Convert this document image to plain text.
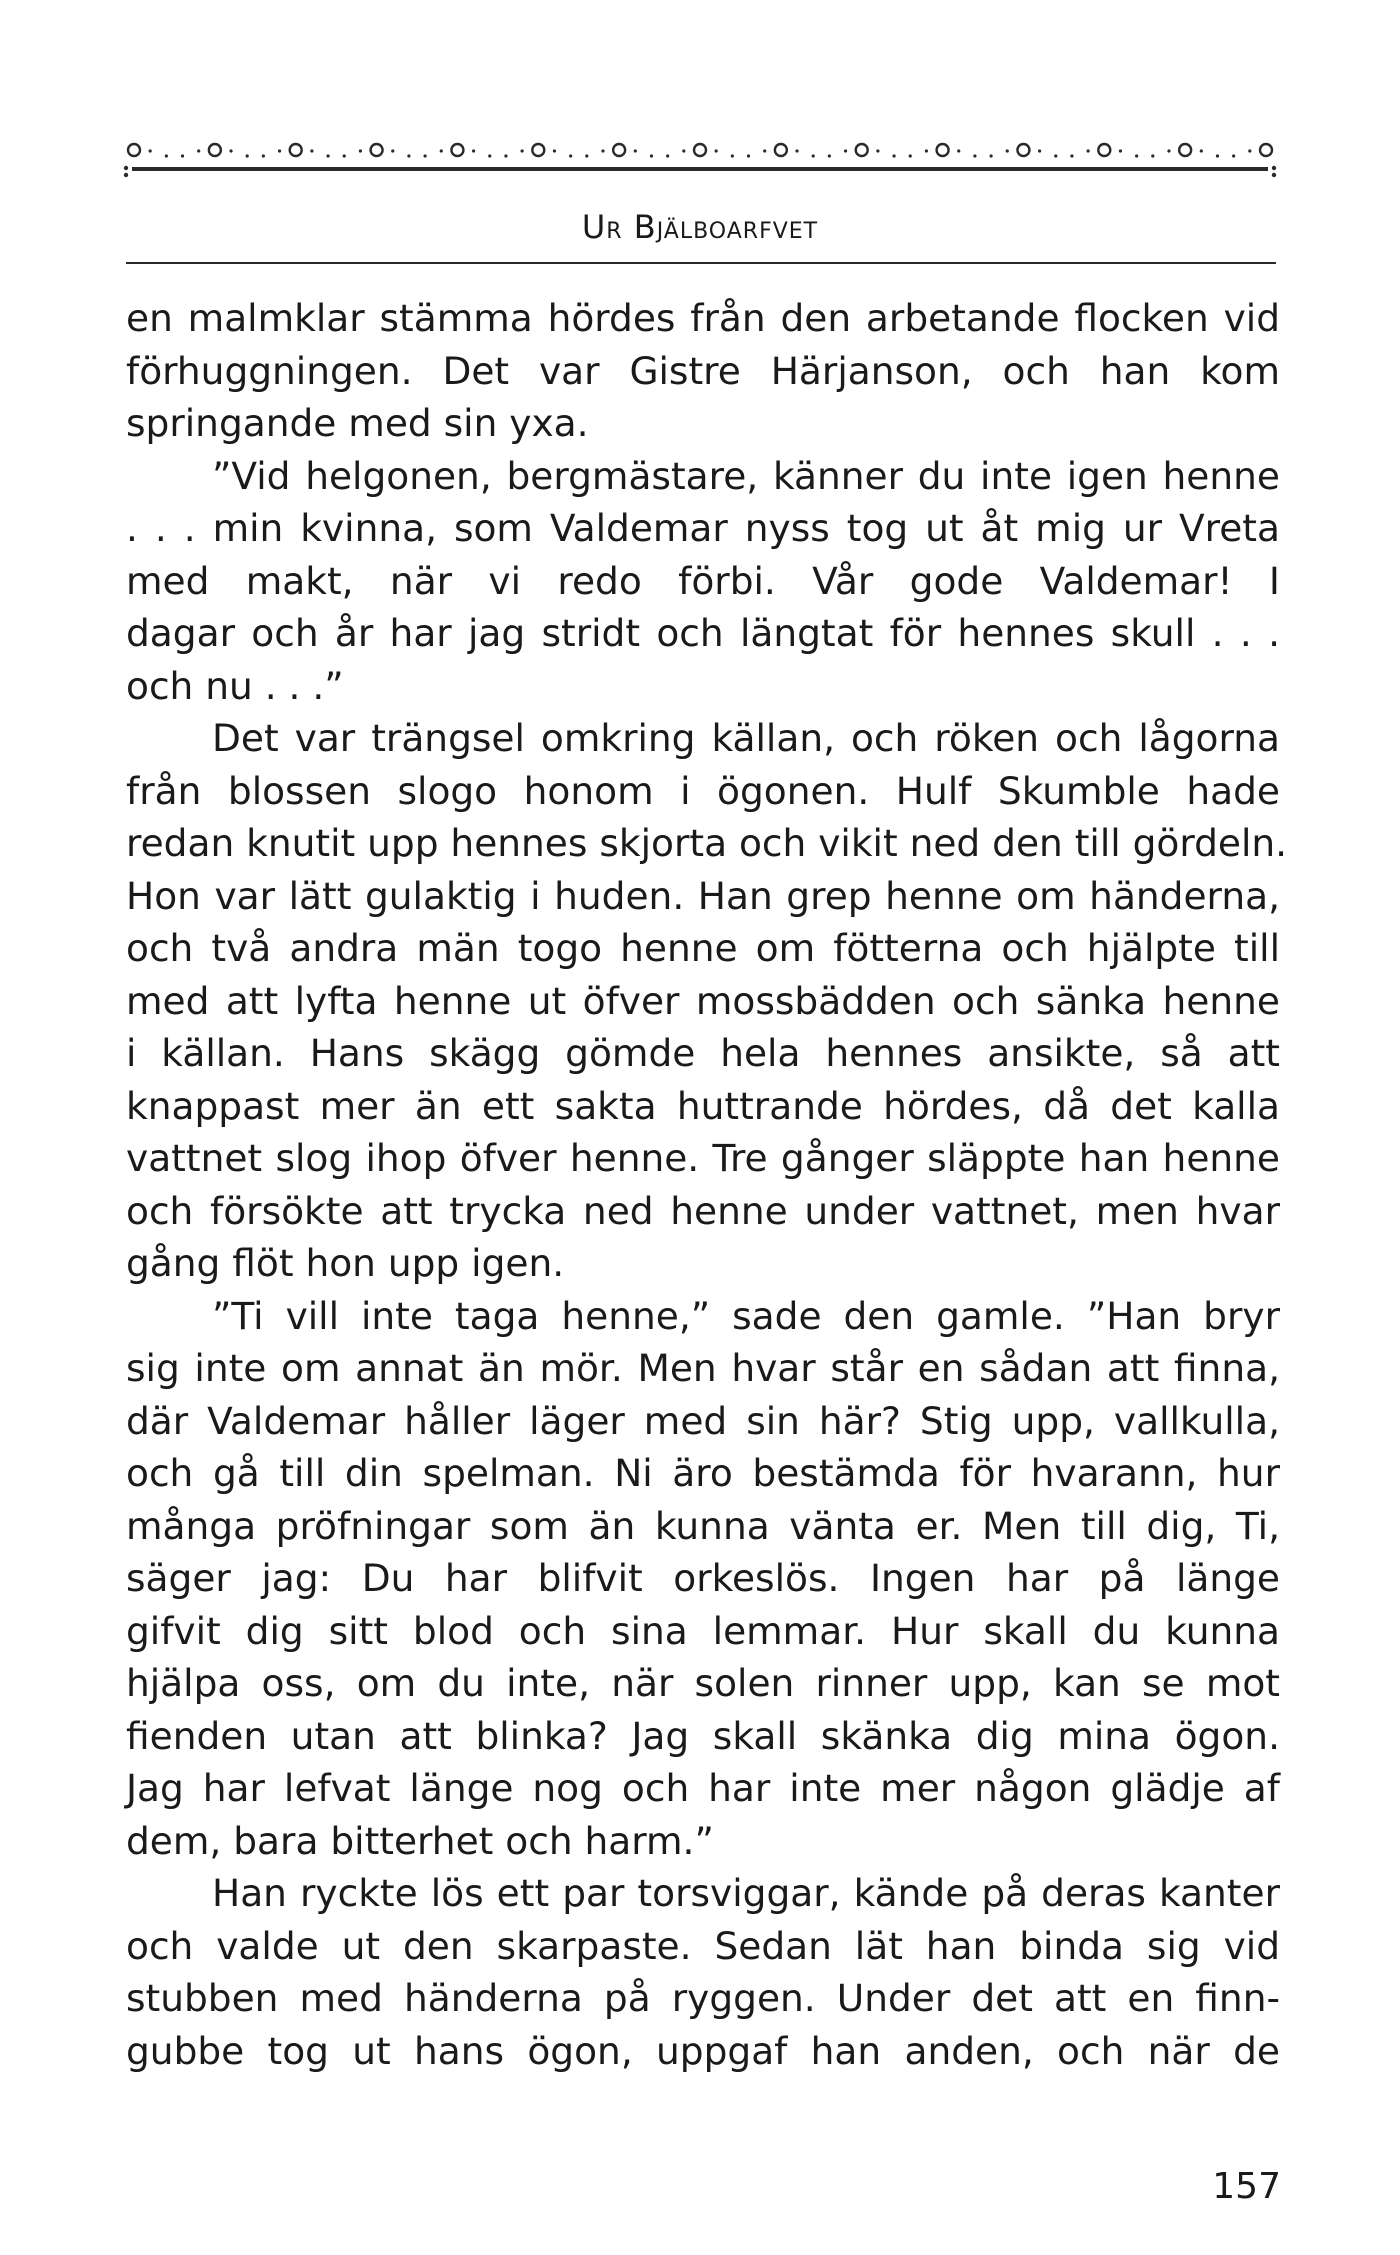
Ur Bjälboarfvet
en malmklar stämma hördes från den arbetande flocken vid
förhuggningen. Det var Gistre Härjanson, och han kom
springande med sin yxa.
”Vid helgonen, bergmästare, känner du inte igen henne
. . . min kvinna, som Valdemar nyss tog ut åt mig ur Vreta
med makt, när vi redo förbi. Vår gode Valdemar! I
dagar och år har jag stridt och längtat för hennes skull . . .
och nu . . .”
Det var trängsel omkring källan, och röken och lågorna
från blossen slogo honom i ögonen. Hulf Skumble hade
redan knutit upp hennes skjorta och vikit ned den till gördeln.
Hon var lätt gulaktig i huden. Han grep henne om händerna,
och två andra män togo henne om fötterna och hjälpte till
med att lyfta henne ut öfver mossbädden och sänka henne
i källan. Hans skägg gömde hela hennes ansikte, så att
knappast mer än ett sakta huttrande hördes, då det kalla
vattnet slog ihop öfver henne. Tre gånger släppte han henne
och försökte att trycka ned henne under vattnet, men hvar
gång flöt hon upp igen.
”Ti vill inte taga henne,” sade den gamle. ”Han bryr
sig inte om annat än mör. Men hvar står en sådan att finna,
där Valdemar håller läger med sin här? Stig upp, vallkulla,
och gå till din spelman. Ni äro bestämda för hvarann, hur
många pröfningar som än kunna vänta er. Men till dig, Ti,
säger jag: Du har blifvit orkeslös. Ingen har på länge
gifvit dig sitt blod och sina lemmar. Hur skall du kunna
hjälpa oss, om du inte, när solen rinner upp, kan se mot
fienden utan att blinka? Jag skall skänka dig mina ögon.
Jag har lefvat länge nog och har inte mer någon glädje af
dem, bara bitterhet och harm.”
Han ryckte lös ett par torsviggar, kände på deras kanter
och valde ut den skarpaste. Sedan lät han binda sig vid
stubben med händerna på ryggen. Under det att en finn-
gubbe tog ut hans ögon, uppgaf han anden, och när de
157
